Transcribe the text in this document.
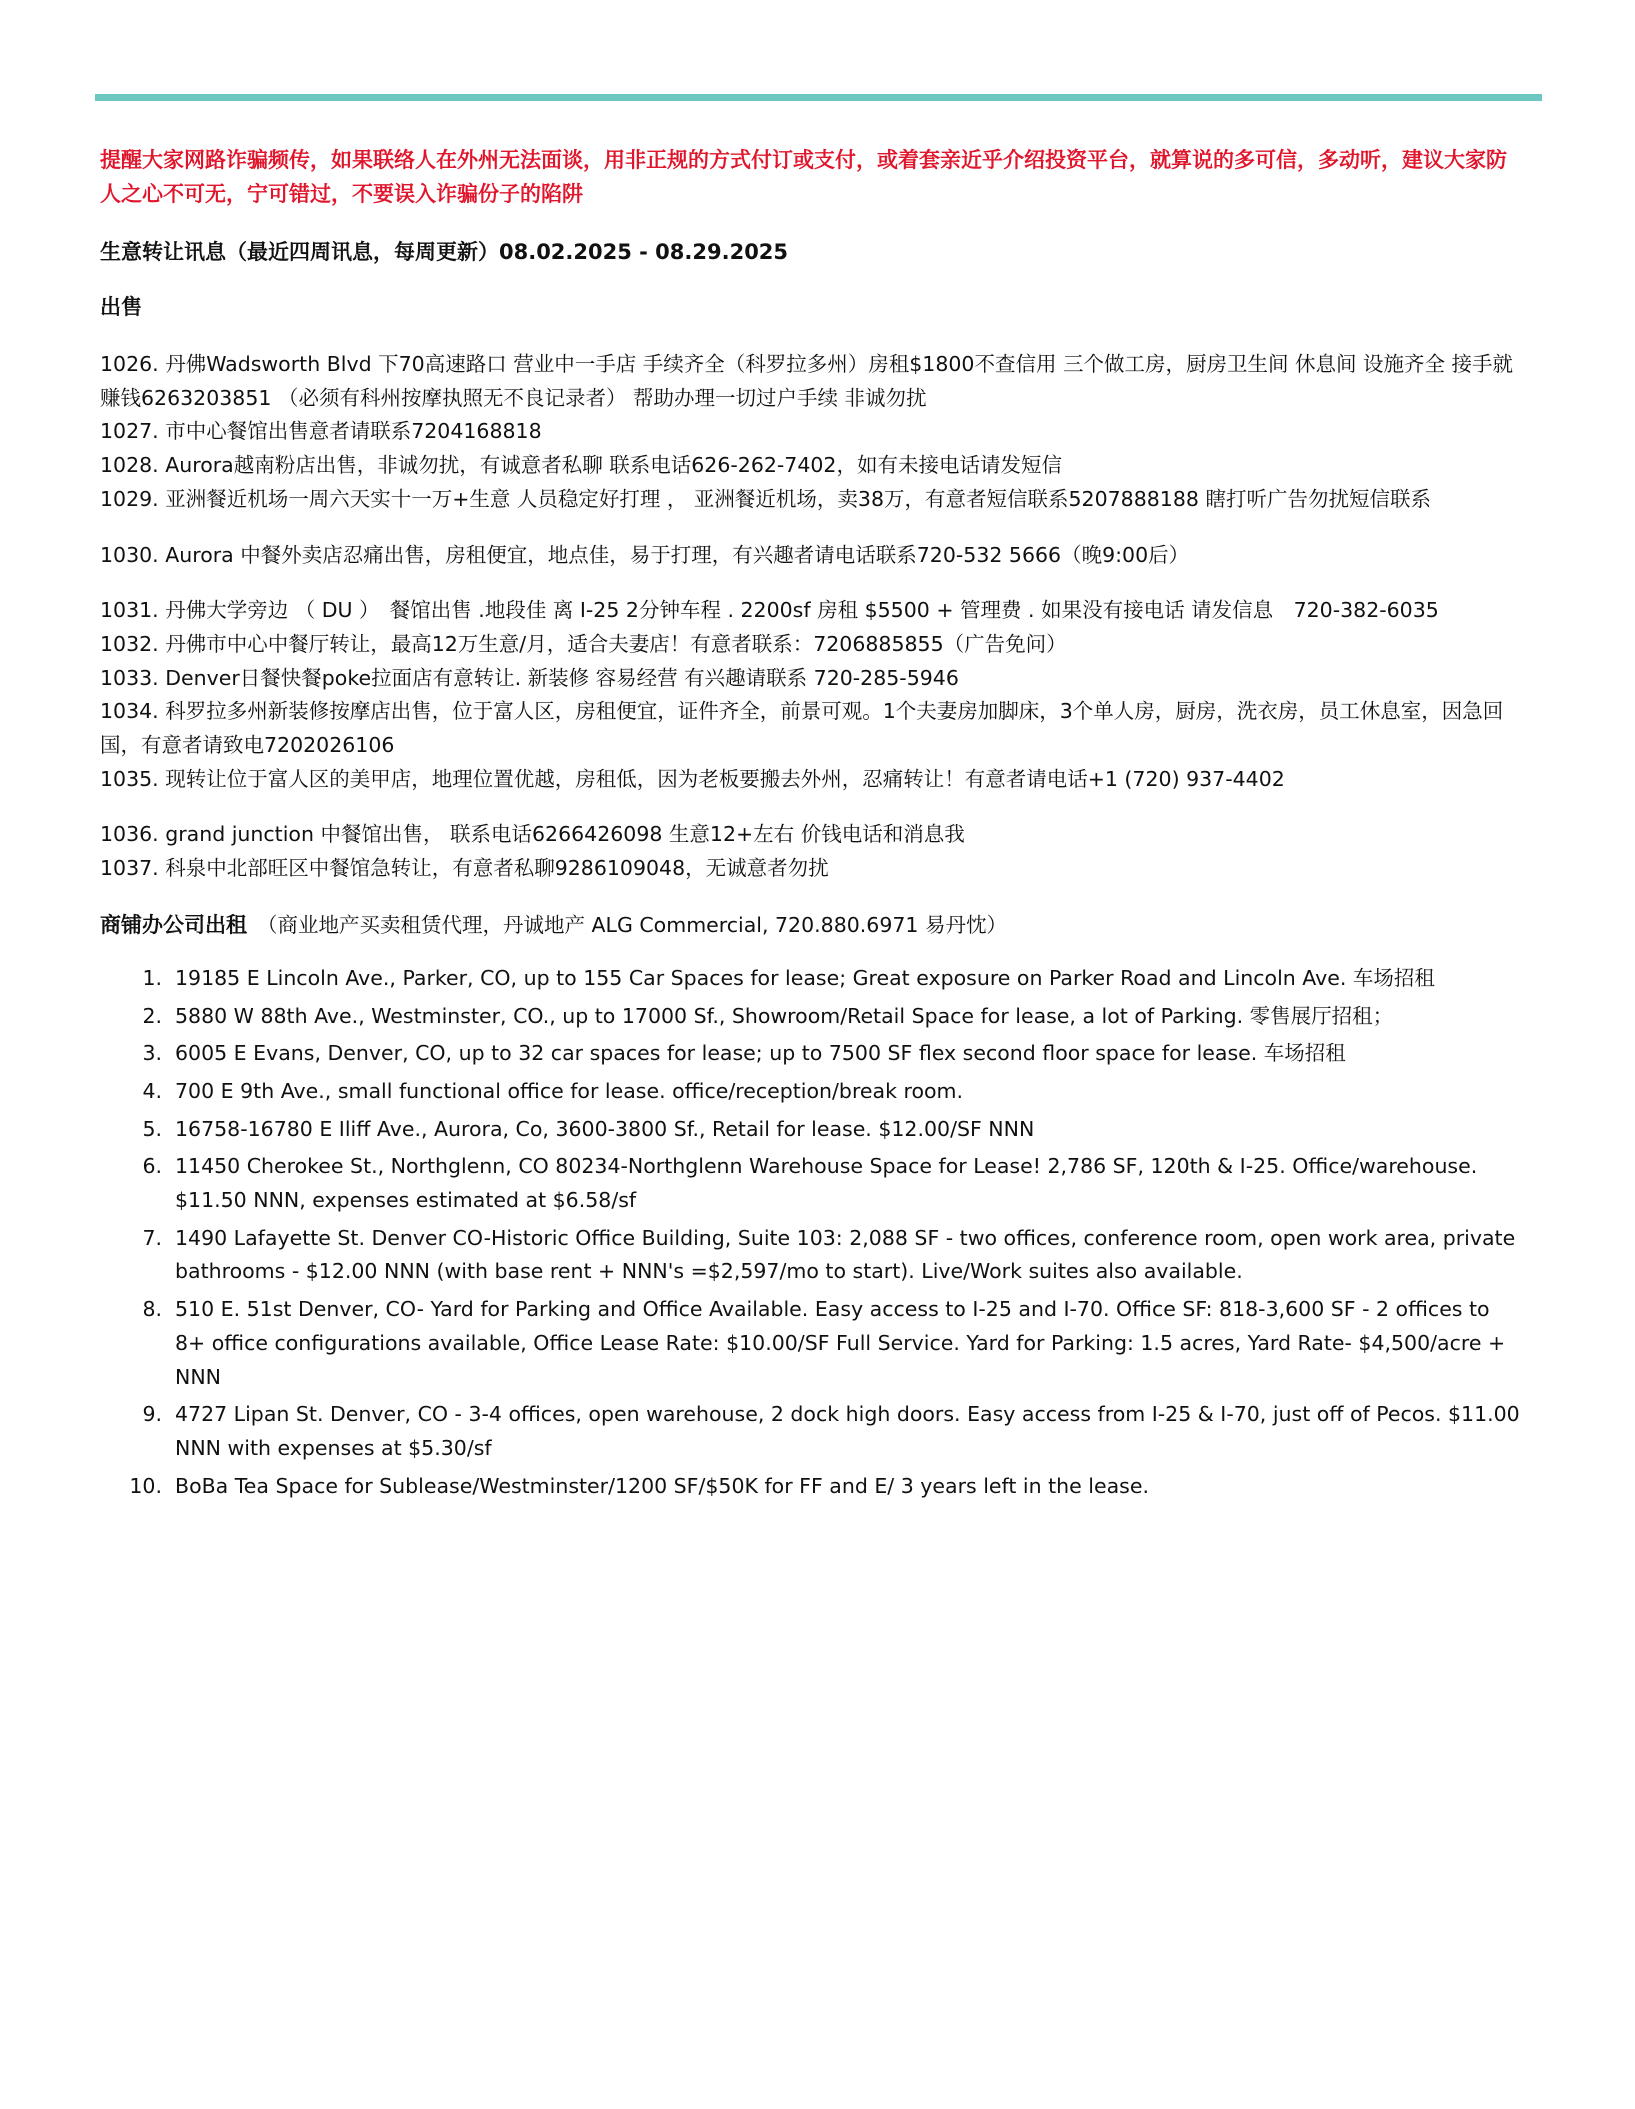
提醒大家网路诈骗频传，如果联络人在外州无法面谈，用非正规的方式付订或支付，或着套亲近乎介绍投资平台，就算说的多可信，多动听，建议大家防人之心不可无，宁可错过，不要误入诈骗份子的陷阱

生意转让讯息（最近四周讯息，每周更新）08.02.2025 - 08.29.2025

出售

1026. 丹佛Wadsworth Blvd 下70高速路口 营业中一手店 手续齐全（科罗拉多州）房租$1800不查信用 三个做工房，厨房卫生间 休息间 设施齐全 接手就赚钱6263203851 （必须有科州按摩执照无不良记录者） 帮助办理一切过户手续 非诚勿扰

1027. 市中心餐馆出售意者请联系7204168818

1028. Aurora越南粉店出售，非诚勿扰，有诚意者私聊 联系电话626-262-7402，如有未接电话请发短信

1029. 亚洲餐近机场一周六天实十一万+生意 人员稳定好打理 ， 亚洲餐近机场，卖38万，有意者短信联系5207888188 瞎打听广告勿扰短信联系

1030. Aurora 中餐外卖店忍痛出售，房租便宜，地点佳，易于打理，有兴趣者请电话联系720-532 5666（晚9:00后）

1031. 丹佛大学旁边 （ DU ）　餐馆出售 .地段佳 离 I-25 2分钟车程 . 2200sf 房租 $5500 + 管理费 . 如果没有接电话 请发信息　720-382-6035

1032. 丹佛市中心中餐厅转让，最高12万生意/月，适合夫妻店！有意者联系：7206885855（广告免问）

1033. Denver日餐快餐poke拉面店有意转让. 新装修 容易经营 有兴趣请联系 720-285-5946

1034. 科罗拉多州新装修按摩店出售，位于富人区，房租便宜，证件齐全，前景可观。1个夫妻房加脚床，3个单人房，厨房，洗衣房，员工休息室，因急回国，有意者请致电7202026106

1035. 现转让位于富人区的美甲店，地理位置优越，房租低，因为老板要搬去外州，忍痛转让！有意者请电话+1 (720) 937-4402

1036. grand junction 中餐馆出售， 联系电话6266426098 生意12+左右 价钱电话和消息我

1037. 科泉中北部旺区中餐馆急转让，有意者私聊9286109048，无诚意者勿扰

商铺办公司出租 （商业地产买卖租赁代理，丹诚地产 ALG Commercial, 720.880.6971 易丹忱）

1. 19185 E Lincoln Ave., Parker, CO, up to 155 Car Spaces for lease; Great exposure on Parker Road and Lincoln Ave. 车场招租
2. 5880 W 88th Ave., Westminster, CO., up to 17000 Sf., Showroom/Retail Space for lease, a lot of Parking. 零售展厅招租；
3. 6005 E Evans, Denver, CO, up to 32 car spaces for lease; up to 7500 SF flex second floor space for lease. 车场招租
4. 700 E 9th Ave., small functional office for lease. office/reception/break room.
5. 16758-16780 E Iliff Ave., Aurora, Co, 3600-3800 Sf., Retail for lease. $12.00/SF NNN
6. 11450 Cherokee St., Northglenn, CO 80234-Northglenn Warehouse Space for Lease! 2,786 SF, 120th & I-25. Office/warehouse. $11.50 NNN, expenses estimated at $6.58/sf
7. 1490 Lafayette St. Denver CO-Historic Office Building, Suite 103: 2,088 SF - two offices, conference room, open work area, private bathrooms - $12.00 NNN (with base rent + NNN's =$2,597/mo to start). Live/Work suites also available.
8. 510 E. 51st Denver, CO- Yard for Parking and Office Available. Easy access to I-25 and I-70. Office SF: 818-3,600 SF - 2 offices to 8+ office configurations available, Office Lease Rate: $10.00/SF Full Service. Yard for Parking: 1.5 acres, Yard Rate- $4,500/acre + NNN
9. 4727 Lipan St. Denver, CO - 3-4 offices, open warehouse, 2 dock high doors. Easy access from I-25 & I-70, just off of Pecos. $11.00 NNN with expenses at $5.30/sf
10. BoBa Tea Space for Sublease/Westminster/1200 SF/$50K for FF and E/ 3 years left in the lease.
